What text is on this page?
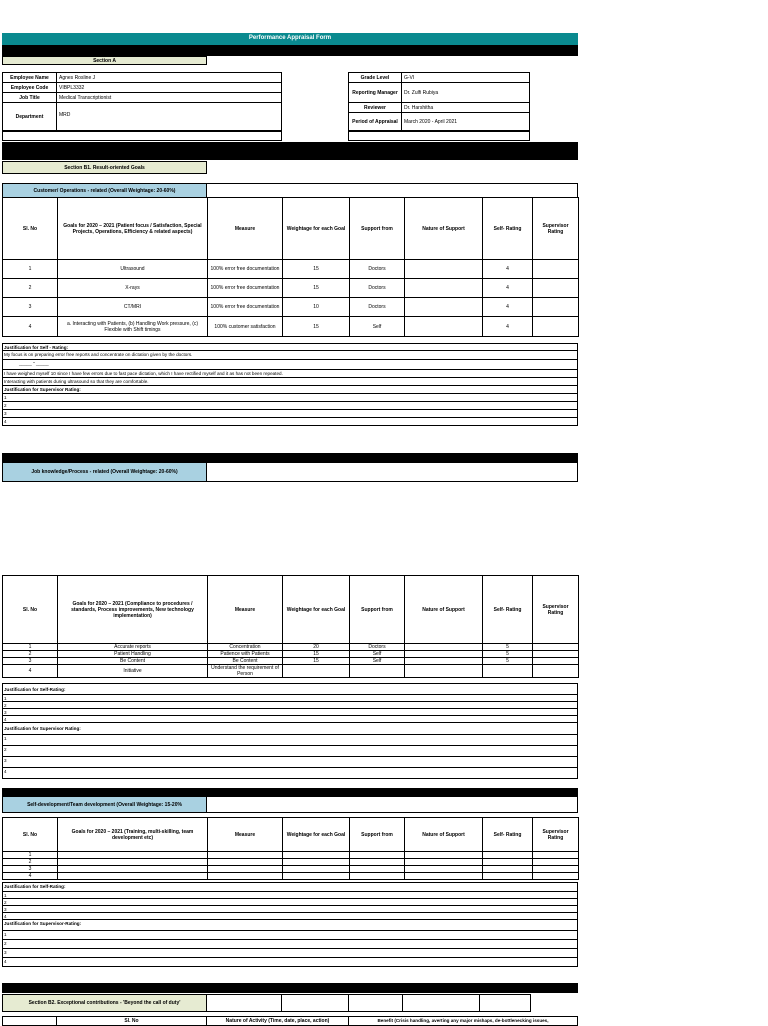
Performance Appraisal Form
Section A
Employee Name	Agnes Rosline J
Employee Code	VIBPL3332
Job Title	Medical Transcriptionist
Department	MRD
Grade Level	G-VI
Reporting Manager	Dr. Zulfi Rubiya
Reviewer	Dr. Harshitha
Period of Appraisal	March 2020 - April 2021
Section B1. Result-oriented Goals
Customer/ Operations - related (Overall Weightage: 20-60%)
Sl. No	Goals for 2020 – 2021 (Patient focus / Satisfaction, Special Projects, Operations, Efficiency & related aspects)	Measure	Weightage for each Goal	Support from	Nature of Support	Self- Rating	Supervisor Rating
1	Ultrasound	100% error free documentation	15	Doctors		4	
2	X-rays	100% error free documentation	15	Doctors		4	
3	CT/MRI	100% error free documentation	10	Doctors		4	
4	a. Interacting with Patients, (b) Handling Work pressure, (c) Flexible with Shift timings	100% customer satisfaction	15	Self		4	
Justification for Self - Rating:
My focus is on preparing error free reports and concentrate on dictation given by the doctors.
_____ " _____
I have weighed myself 10 since I have few errors due to fast pace dictation, which I have rectified myself and it as has not been repeated.
Interacting with patients during ultrasound so that they are comfortable.
Justification for Supervisor Rating:
1
2
3
4
Job knowledge/Process - related (Overall Weightage: 20-60%)
Sl. No	Goals for 2020 – 2021 (Compliance to procedures / standards, Process improvements, New technology implementation)	Measure	Weightage for each Goal	Support from	Nature of Support	Self- Rating	Supervisor Rating
1	Accurate reports	Concentration	20	Doctors		5	
2	Patient Handling	Patience with Patients	15	Self		5	
3	Be Content	Be Content	15	Self		5	
4	Initiative	Understand the requirement of Person					
Justification for Self-Rating:
1
2
3
4
Justification for Supervisor Rating:
1
2
3
4
Self-development/Team development (Overall Weightage: 15-20%
Sl. No	Goals for 2020 – 2021 (Training, multi-skilling, team development etc)	Measure	Weightage for each Goal	Support from	Nature of Support	Self- Rating	Supervisor Rating
1							
2							
3							
4							
Justification for Self-Rating:
1
2
3
4
Justification for Supervisor-Rating:
1
2
3
4
Section B2. Exceptional contributions - 'Beyond the call of duty'
SI. No	Nature of Activity (Time, date, place, action)	Benefit (Crisis handling, averting any major mishaps, de-bottlenecking issues,
